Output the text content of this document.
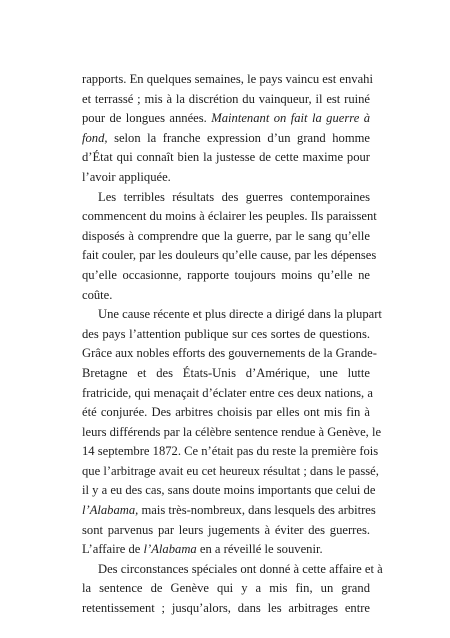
rapports. En quelques semaines, le pays vaincu est envahi
et terrassé ; mis à la discrétion du vainqueur, il est ruiné
pour de longues années. Maintenant on fait la guerre à
fond, selon la franche expression d’un grand homme
d’État qui connaît bien la justesse de cette maxime pour
l’avoir appliquée.
Les terribles résultats des guerres contemporaines
commencent du moins à éclairer les peuples. Ils paraissent
disposés à comprendre que la guerre, par le sang qu’elle
fait couler, par les douleurs qu’elle cause, par les dépenses
qu’elle occasionne, rapporte toujours moins qu’elle ne
coûte.
Une cause récente et plus directe a dirigé dans la plupart
des pays l’attention publique sur ces sortes de questions.
Grâce aux nobles efforts des gouvernements de la Grande-
Bretagne et des États-Unis d’Amérique, une lutte
fratricide, qui menaçait d’éclater entre ces deux nations, a
été conjurée. Des arbitres choisis par elles ont mis fin à
leurs différends par la célèbre sentence rendue à Genève, le
14 septembre 1872. Ce n’était pas du reste la première fois
que l’arbitrage avait eu cet heureux résultat ; dans le passé,
il y a eu des cas, sans doute moins importants que celui de
l’Alabama, mais très-nombreux, dans lesquels des arbitres
sont parvenus par leurs jugements à éviter des guerres.
L’affaire de l’Alabama en a réveillé le souvenir.
Des circonstances spéciales ont donné à cette affaire et à
la sentence de Genève qui y a mis fin, un grand
retentissement ; jusqu’alors, dans les arbitrages entre
